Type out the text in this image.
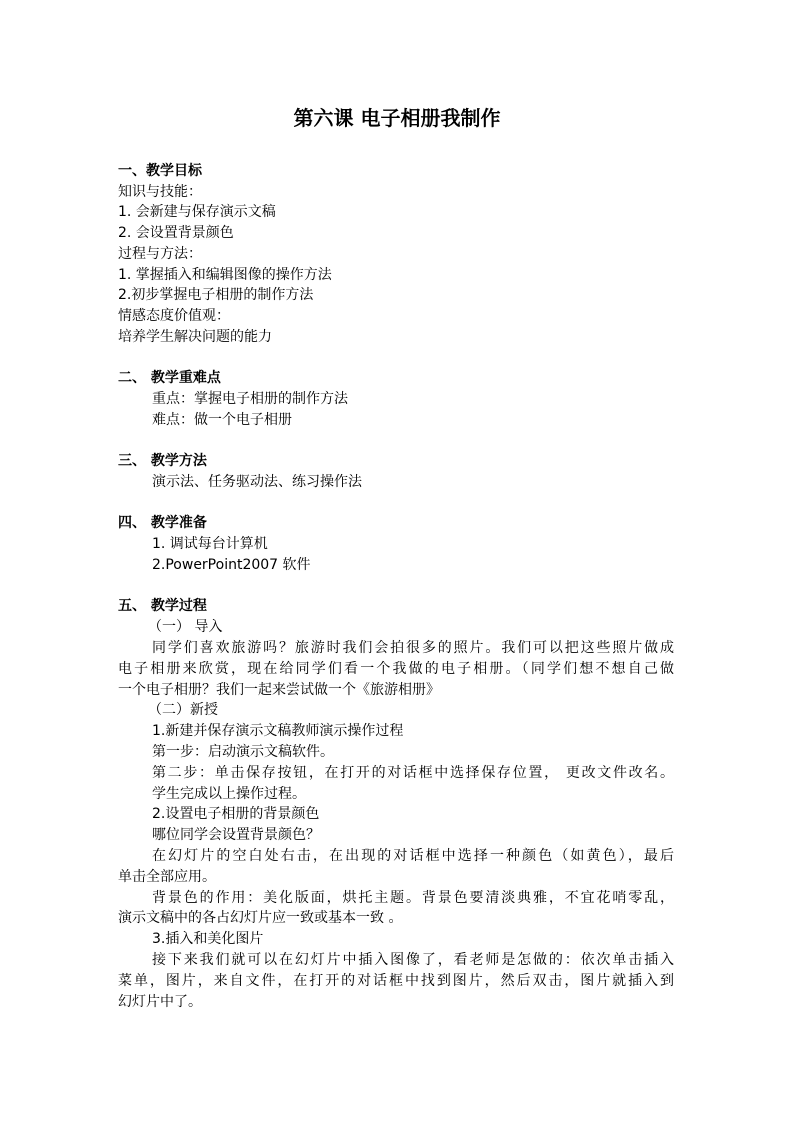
第六课 电子相册我制作
一、教学目标
知识与技能：
1. 会新建与保存演示文稿
2. 会设置背景颜色
过程与方法：
1. 掌握插入和编辑图像的操作方法
2.初步掌握电子相册的制作方法
情感态度价值观：
培养学生解决问题的能力
二、 教学重难点
重点：掌握电子相册的制作方法
难点：做一个电子相册
三、 教学方法
演示法、任务驱动法、练习操作法
四、 教学准备
1. 调试每台计算机
2.PowerPoint2007 软件
五、 教学过程
（一） 导入
同学们喜欢旅游吗？旅游时我们会拍很多的照片。我们可以把这些照片做成
电子相册来欣赏，现在给同学们看一个我做的电子相册。（同学们想不想自己做
一个电子相册？我们一起来尝试做一个《旅游相册》
（二）新授
1.新建并保存演示文稿教师演示操作过程
第一步：启动演示文稿软件。
第二步：单击保存按钮，在打开的对话框中选择保存位置， 更改文件改名。
学生完成以上操作过程。
2.设置电子相册的背景颜色
哪位同学会设置背景颜色？
在幻灯片的空白处右击，在出现的对话框中选择一种颜色（如黄色），最后
单击全部应用。
背景色的作用：美化版面，烘托主题。背景色要清淡典雅，不宜花哨零乱，
演示文稿中的各占幻灯片应一致或基本一致 。
3.插入和美化图片
接下来我们就可以在幻灯片中插入图像了，看老师是怎做的：依次单击插入
菜单，图片，来自文件，在打开的对话框中找到图片，然后双击，图片就插入到
幻灯片中了。
